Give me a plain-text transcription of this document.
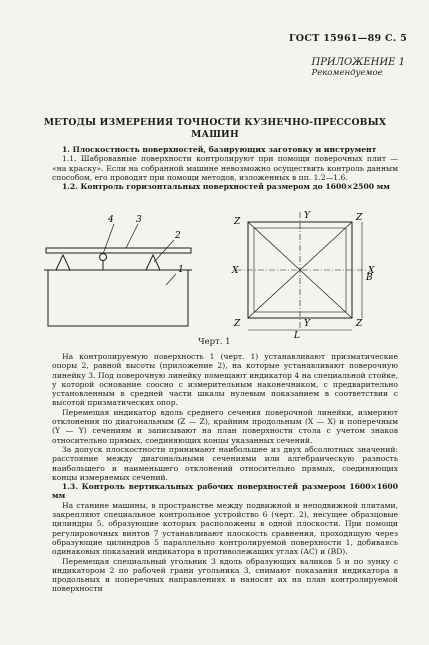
ГОСТ 15961—89 С. 5
ПРИЛОЖЕНИЕ 1
Рекомендуемое
МЕТОДЫ ИЗМЕРЕНИЯ ТОЧНОСТИ КУЗНЕЧНО-ПРЕССОВЫХ
МАШИН

1. Плоскостность поверхностей, базирующих заготовку и инструмент

1.1. Шабровавные поверхности контролируют при помощи поверочных плит — «на краску». Если на собранной машине невозможно осуществить контроль данным способом, его проводят при помощи методов, изложенных в пп. 1.2—1.6.

1.2. Контроль горизонтальных поверхностей размером до 1600×2500 мм

4 3
2
1
Z	Z
Z	Z
X	X
Y
Y
L
B
Черт. 1

На контролируемую поверхность 1 (черт. 1) устанавливают призматические опоры 2, равной высоты (приложение 2), на которые устанавливают поверочную линейку 3. Под поверочную линейку помещают индикатор 4 на специальной стойке, у которой основание соосно с измерительным наконечником, с предварительно установленным в средней части шкалы нулевым показанием в соответствии с высотой призматических опор.

Перемещая индикатор вдоль среднего сечения поверочной линейки, измеряют отклонения по диагональным (Z — Z), крайним продольным (X — X) и поперечным (Y — Y) сечениям и записывают на план поверхности стола с учетом знаков относительно прямых, соединяющих концы указанных сечений.

За допуск плоскостности принимают наибольшее из двух абсолютных значений: расстояние между диагональными сечениями или алгебраическую разность наибольшего и наименьшего отклонений относительно прямых, соединяющих концы измеряемых сечений.

1.3. Контроль вертикальных рабочих поверхностей размером 1600×1600 мм

На станине машины, в пространстве между подвижной и неподвижной плитами, закрепляют специальное контрольное устройство 6 (черт. 2), несущее образцовые цилиндры 5, образующие которых расположены в одной плоскости. При помощи регулировочных винтов 7 устанавливают плоскость сравнения, проходящую через образующие цилиндров 5 параллельно контролируемой поверхности 1, добиваясь одинаковых показаний индикатора в противолежащих углах (AC) и (BD).

Перемещая специальный угольник 3 вдоль образующих валиков 5 и по зунку с индикатором 2 по рабочей грани угольника 3, снимают показания индикатора в продольных и поперечных направлениях и наносят их на план контролируемой поверхности
